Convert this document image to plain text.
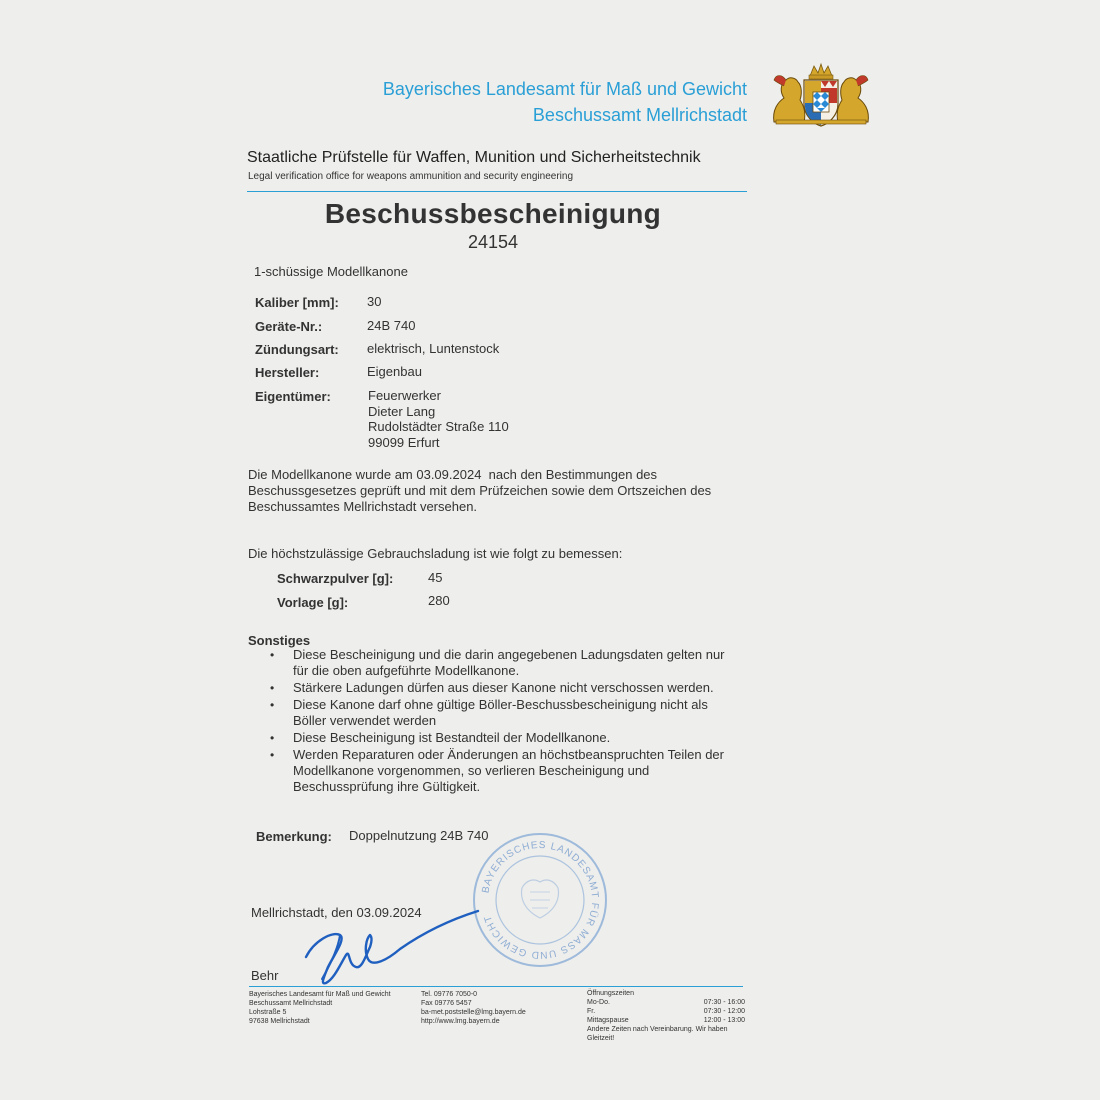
Bayerisches Landesamt für Maß und Gewicht
Beschussamt Mellrichstadt
Staatliche Prüfstelle für Waffen, Munition und Sicherheitstechnik
Legal verification office for weapons ammunition and security engineering
Beschussbescheinigung
24154
1-schüssige Modellkanone
Kaliber [mm]: 30
Geräte-Nr.:	24B 740
Zündungsart: elektrisch, Luntenstock
Hersteller:	Eigenbau
Eigentümer:	Feuerwerker
Dieter Lang
Rudolstädter Straße 110
99099 Erfurt
Die Modellkanone wurde am 03.09.2024  nach den Bestimmungen des
Beschussgesetzes geprüft und mit dem Prüfzeichen sowie dem Ortszeichen des
Beschussamtes Mellrichstadt versehen.
Die höchstzulässige Gebrauchsladung ist wie folgt zu bemessen:
Schwarzpulver [g]:	45
Vorlage [g]:	280
Sonstiges
• Diese Bescheinigung und die darin angegebenen Ladungsdaten gelten nur
für die oben aufgeführte Modellkanone.
• Stärkere Ladungen dürfen aus dieser Kanone nicht verschossen werden.
• Diese Kanone darf ohne gültige Böller-Beschussbescheinigung nicht als
Böller verwendet werden
• Diese Bescheinigung ist Bestandteil der Modellkanone.
• Werden Reparaturen oder Änderungen an höchstbeanspruchten Teilen der
Modellkanone vorgenommen, so verlieren Bescheinigung und
Beschussprüfung ihre Gültigkeit.
Bemerkung: Doppelnutzung 24B 740
BAYERISCHES LANDESAMT FÜR MASS UND GEWICHT
Mellrichstadt, den 03.09.2024
Behr
Bayerisches Landesamt für Maß und Gewicht
Beschussamt Mellrichstadt
Lohstraße 5
97638 Mellrichstadt
Tel. 09776 7050-0
Fax 09776 5457
ba-met.poststelle@lmg.bayern.de
http://www.lmg.bayern.de
Öffnungszeiten
Mo-Do.	07:30 - 16:00
Fr.	07:30 - 12:00
Mittagspause	12:00 - 13:00
Andere Zeiten nach Vereinbarung. Wir haben
Gleitzeit!
